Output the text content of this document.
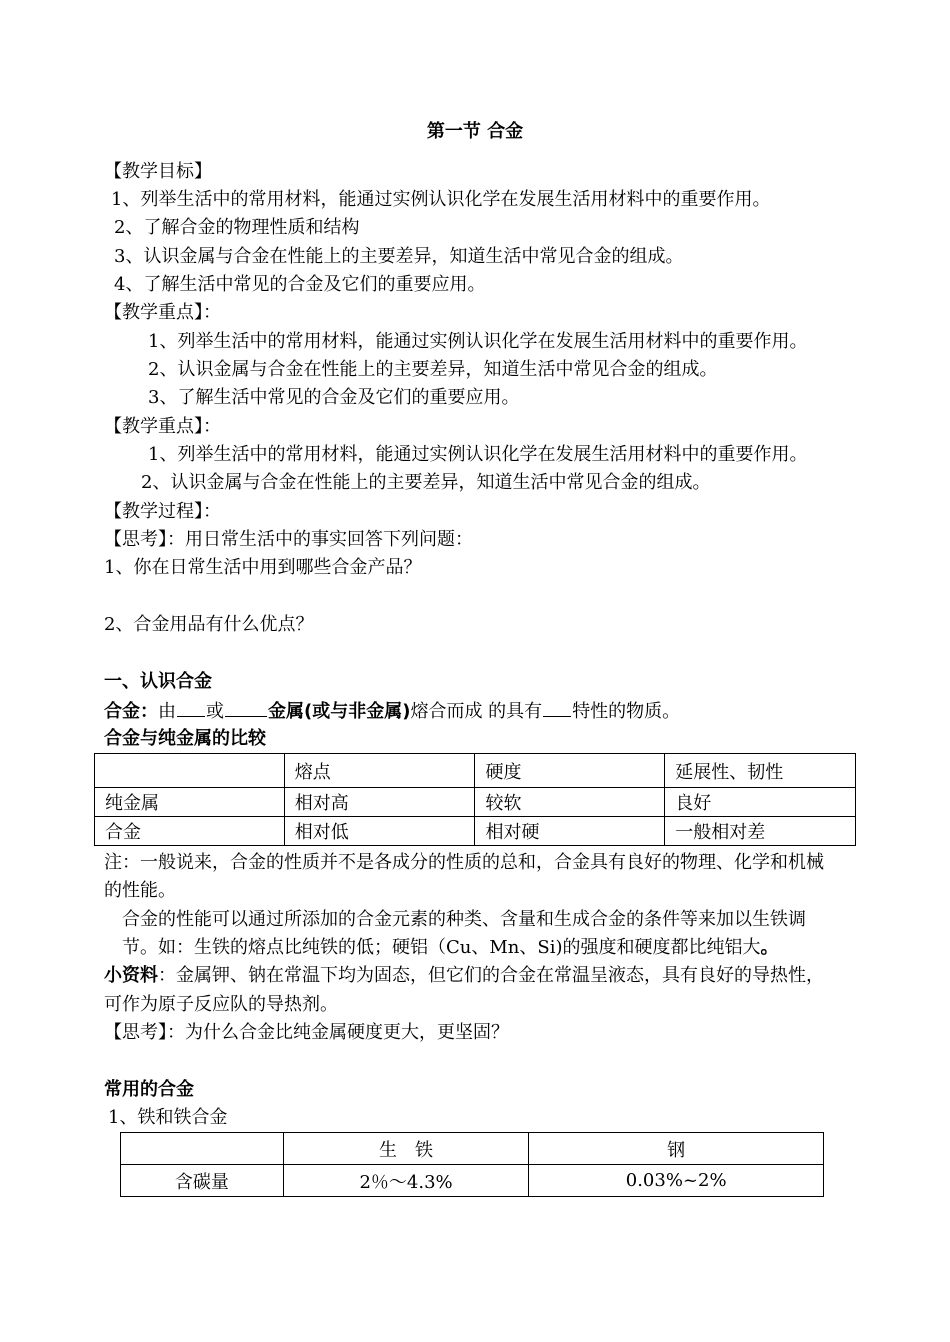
第一节 合金
【教学目标】
1、列举生活中的常用材料，能通过实例认识化学在发展生活用材料中的重要作用。
2、了解合金的物理性质和结构
3、认识金属与合金在性能上的主要差异，知道生活中常见合金的组成。
4、了解生活中常见的合金及它们的重要应用。
【教学重点】：
1、列举生活中的常用材料，能通过实例认识化学在发展生活用材料中的重要作用。
2、认识金属与合金在性能上的主要差异，知道生活中常见合金的组成。
3、了解生活中常见的合金及它们的重要应用。
【教学重点】：
1、列举生活中的常用材料，能通过实例认识化学在发展生活用材料中的重要作用。
2、认识金属与合金在性能上的主要差异，知道生活中常见合金的组成。
【教学过程】：
【思考】：用日常生活中的事实回答下列问题：
1、你在日常生活中用到哪些合金产品？
2、合金用品有什么优点？
一、认识合金
合金：由 或 金属(或与非金属)熔合而成 的具有 特性的物质。
合金与纯金属的比较
	熔点	硬度	延展性、韧性
纯金属	相对高	较软	良好
合金	相对低	相对硬	一般相对差
注：一般说来，合金的性质并不是各成分的性质的总和，合金具有良好的物理、化学和机械
的性能。
合金的性能可以通过所添加的合金元素的种类、含量和生成合金的条件等来加以生铁调
节。如：生铁的熔点比纯铁的低；硬铝（Cu、Mn、Si)的强度和硬度都比纯铝大。
小资料：金属钾、钠在常温下均为固态，但它们的合金在常温呈液态，具有良好的导热性，
可作为原子反应队的导热剂。
【思考】：为什么合金比纯金属硬度更大，更坚固？
常用的合金
1、铁和铁合金
	生　铁	钢
含碳量	2％～4.3%	0.03%~2%
